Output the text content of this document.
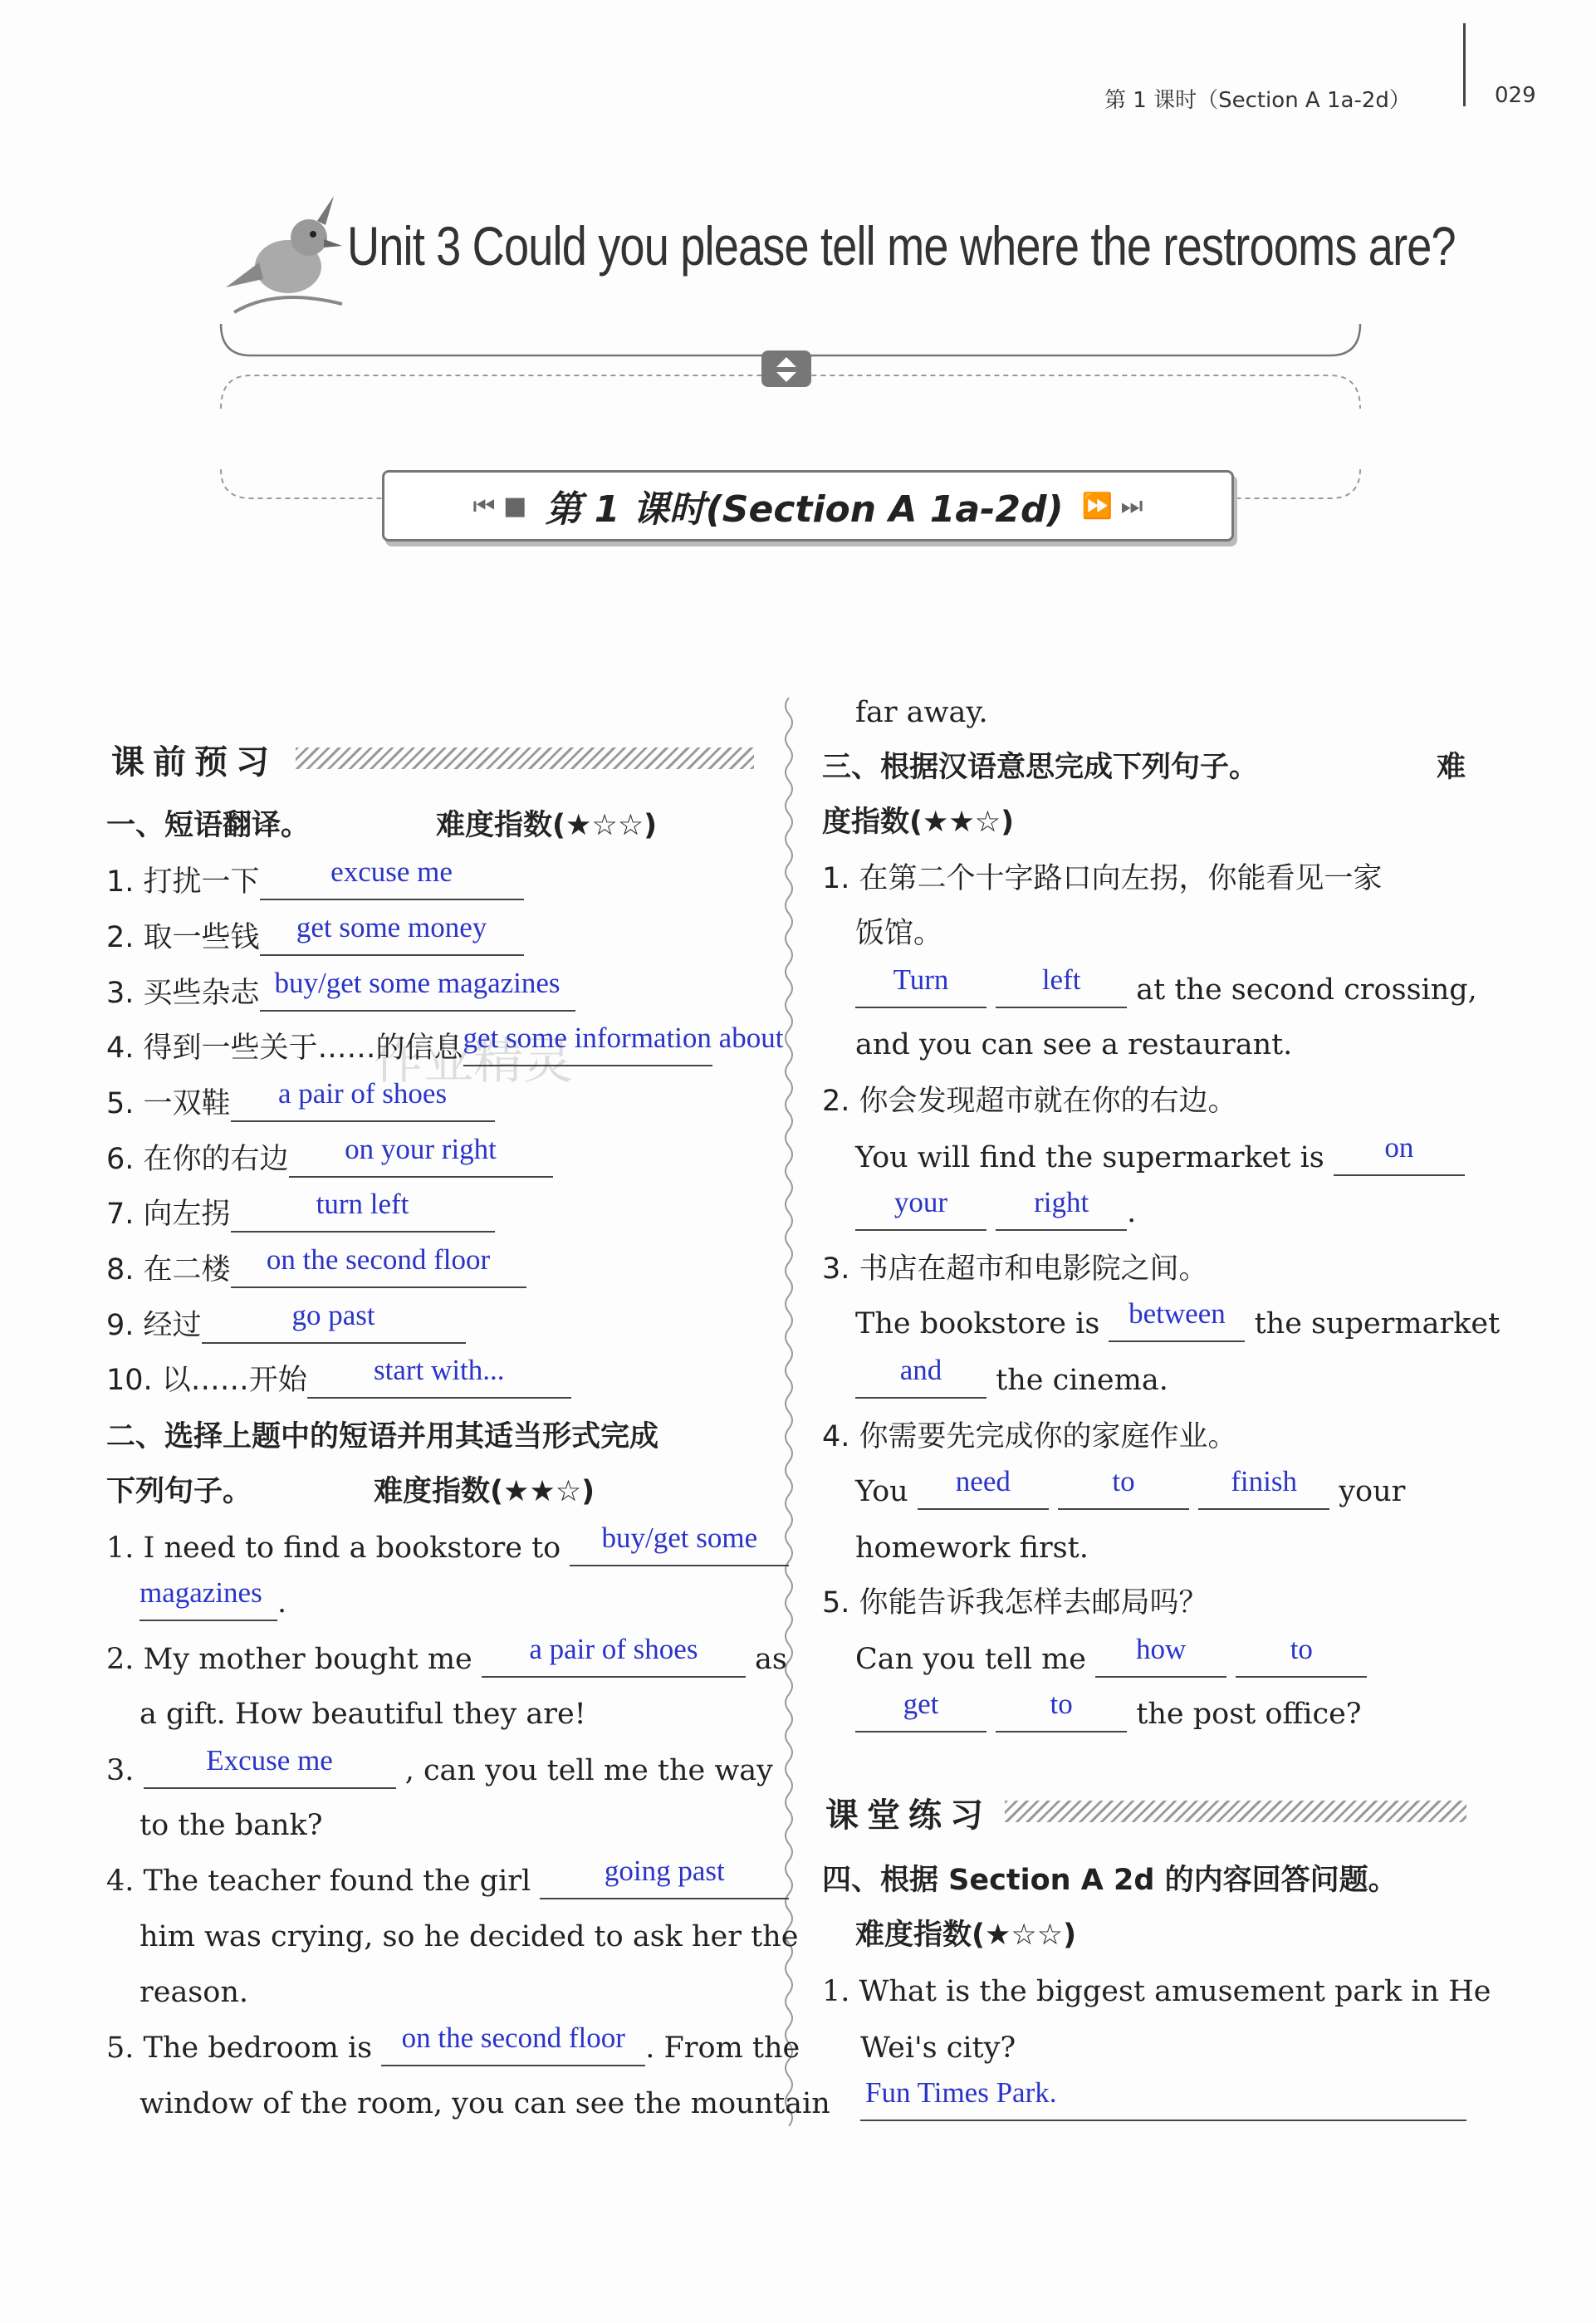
第 1 课时（Section A 1a-2d）	029
Unit 3 Could you please tell me where the restrooms are?
⏮ ■ 第 1 课时(Section A 1a-2d) ⏩ ⏭
作业精灵
课前预习
一、短语翻译。	难度指数(★☆☆)
1. 打扰一下 excuse me
2. 取一些钱 get some money
3. 买些杂志 buy/get some magazines
4. 得到一些关于……的信息get some information about
5. 一双鞋 a pair of shoes
6. 在你的右边 on your right
7. 向左拐	turn left
8. 在二楼 on the second floor
9. 经过	go past
10. 以……开始 start with...
二、选择上题中的短语并用其适当形式完成
下列句子。	难度指数(★★☆)
1. I need to find a bookstore to buy/get some
magazines .
2. My mother bought me a pair of shoes as
a gift. How beautiful they are!
3. Excuse me , can you tell me the way
to the bank?
4. The teacher found the girl	going past
him was crying, so he decided to ask her the
reason.
5. The bedroom is on the second floor . From the
window of the room, you can see the mountain
far away.
三、根据汉语意思完成下列句子。	难
度指数(★★☆)
1. 在第二个十字路口向左拐，你能看见一家
饭馆。
Turn	left at the second crossing,
and you can see a restaurant.
2. 你会发现超市就在你的右边。
You will find the supermarket is on
your	right .
3. 书店在超市和电影院之间。
The bookstore is between the supermarket
and the cinema.
4. 你需要先完成你的家庭作业。
You need	to	finish your
homework first.
5. 你能告诉我怎样去邮局吗？
Can you tell me how	to
get	to the post office?
课堂练习
四、根据 Section A 2d 的内容回答问题。
难度指数(★☆☆)
1. What is the biggest amusement park in He
Wei's city?
Fun Times Park.
